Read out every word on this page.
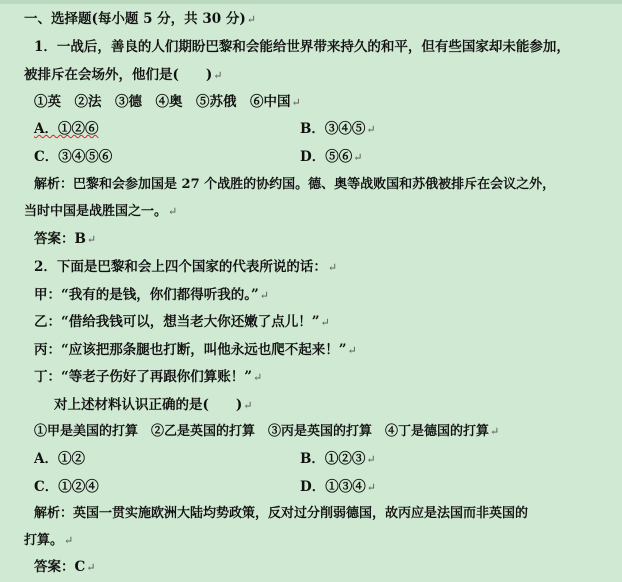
一、选择题(每小题 5 分，共 30 分)↵
1．一战后，善良的人们期盼巴黎和会能给世界带来持久的和平，但有些国家却未能参加，
被排斥在会场外，他们是(　　)↵
①英　②法　③德　④奥　⑤苏俄　⑥中国↵
A．①②⑥	B．③④⑤↵
C．③④⑤⑥	D．⑤⑥↵
解析：巴黎和会参加国是 27 个战胜的协约国。德、奥等战败国和苏俄被排斥在会议之外，
当时中国是战胜国之一。↵
答案：B↵
2．下面是巴黎和会上四个国家的代表所说的话：↵
甲：“我有的是钱，你们都得听我的。”↵
乙：“借给我钱可以，想当老大你还嫩了点儿！”↵
丙：“应该把那条腿也打断，叫他永远也爬不起来！”↵
丁：“等老子伤好了再跟你们算账！”↵
对上述材料认识正确的是(　　)↵
①甲是美国的打算　②乙是英国的打算　③丙是英国的打算　④丁是德国的打算↵
A．①②	B．①②③↵
C．①②④	D．①③④↵
解析：英国一贯实施欧洲大陆均势政策，反对过分削弱德国，故丙应是法国而非英国的
打算。↵
答案：C↵
